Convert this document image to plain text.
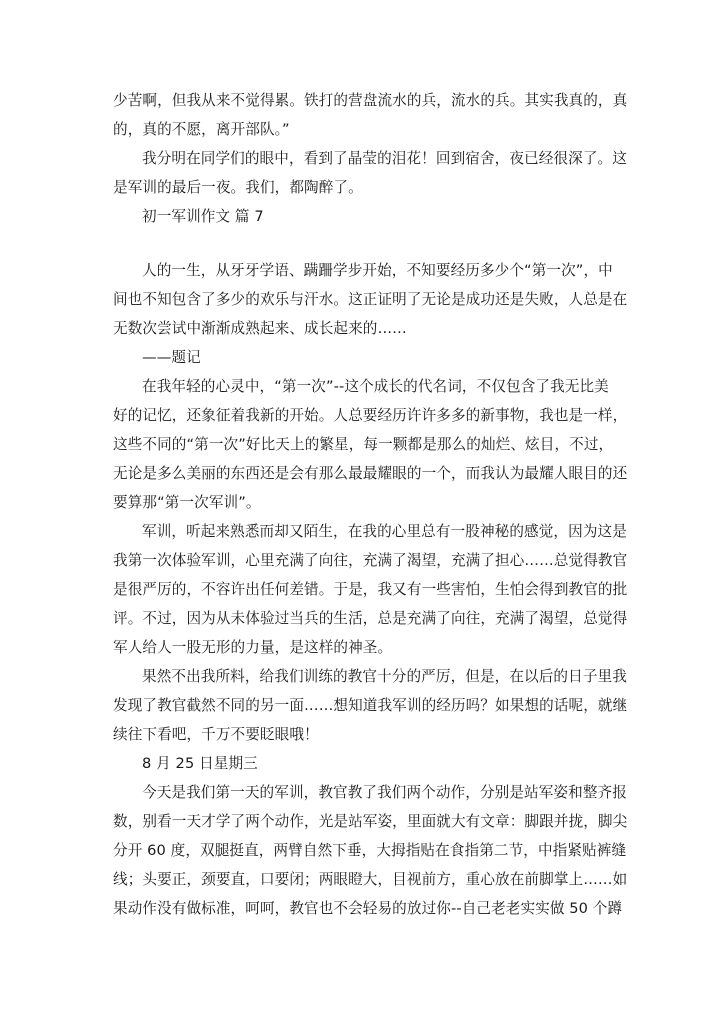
少苦啊，但我从来不觉得累。铁打的营盘流水的兵，流水的兵。其实我真的，真
的，真的不愿，离开部队。”
我分明在同学们的眼中，看到了晶莹的泪花！回到宿舍，夜已经很深了。这
是军训的最后一夜。我们，都陶醉了。
初一军训作文 篇 7
人的一生，从牙牙学语、蹒跚学步开始，不知要经历多少个“第一次”，中
间也不知包含了多少的欢乐与汗水。这正证明了无论是成功还是失败，人总是在
无数次尝试中渐渐成熟起来、成长起来的……
——题记
在我年轻的心灵中，“第一次”--这个成长的代名词，不仅包含了我无比美
好的记忆，还象征着我新的开始。人总要经历许许多多的新事物，我也是一样，
这些不同的“第一次”好比天上的繁星，每一颗都是那么的灿烂、炫目，不过，
无论是多么美丽的东西还是会有那么最最耀眼的一个，而我认为最耀人眼目的还
要算那“第一次军训”。
军训，听起来熟悉而却又陌生，在我的心里总有一股神秘的感觉，因为这是
我第一次体验军训，心里充满了向往，充满了渴望，充满了担心……总觉得教官
是很严厉的，不容许出任何差错。于是，我又有一些害怕，生怕会得到教官的批
评。不过，因为从未体验过当兵的生活，总是充满了向往，充满了渴望，总觉得
军人给人一股无形的力量，是这样的神圣。
果然不出我所料，给我们训练的教官十分的严厉，但是，在以后的日子里我
发现了教官截然不同的另一面……想知道我军训的经历吗？如果想的话呢，就继
续往下看吧，千万不要眨眼哦！
8 月 25 日星期三
今天是我们第一天的军训，教官教了我们两个动作，分别是站军姿和整齐报
数，别看一天才学了两个动作，光是站军姿，里面就大有文章：脚跟并拢，脚尖
分开 60 度，双腿挺直，两臂自然下垂，大拇指贴在食指第二节，中指紧贴裤缝
线；头要正，颈要直，口要闭；两眼瞪大，目视前方，重心放在前脚掌上……如
果动作没有做标准，呵呵，教官也不会轻易的放过你--自己老老实实做 50 个蹲
